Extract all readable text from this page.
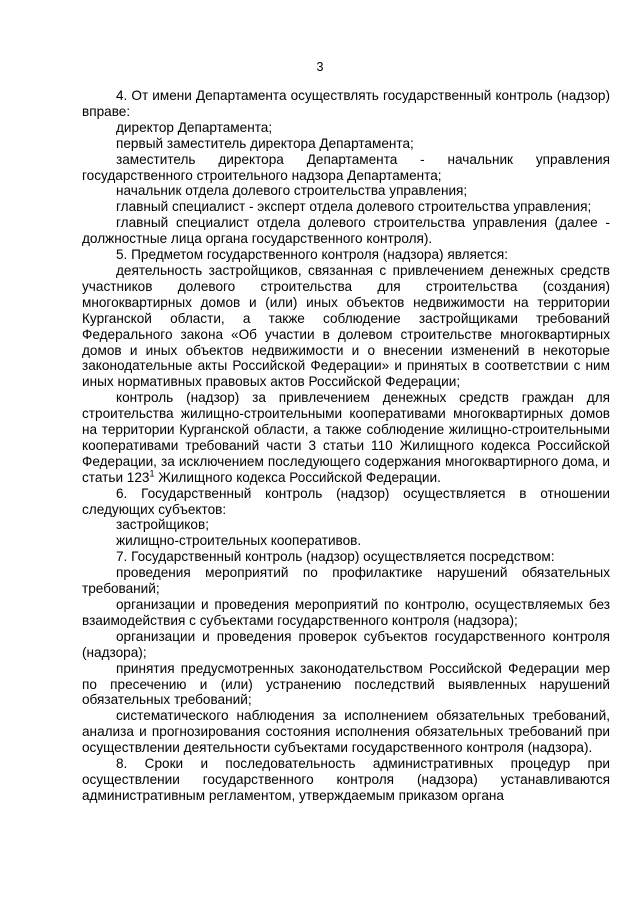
3

4. От имени Департамента осуществлять государственный контроль (надзор) вправе:

директор Департамента;

первый заместитель директора Департамента;

заместитель директора Департамента - начальник управления государственного строительного надзора Департамента;

начальник отдела долевого строительства управления;

главный специалист - эксперт отдела долевого строительства управления;

главный специалист отдела долевого строительства управления (далее - должностные лица органа государственного контроля).

5. Предметом государственного контроля (надзора) является:

деятельность застройщиков, связанная с привлечением денежных средств участников долевого строительства для строительства (создания) многоквартирных домов и (или) иных объектов недвижимости на территории Курганской области, а также соблюдение застройщиками требований Федерального закона «Об участии в долевом строительстве многоквартирных домов и иных объектов недвижимости и о внесении изменений в некоторые законодательные акты Российской Федерации» и принятых в соответствии с ним иных нормативных правовых актов Российской Федерации;

контроль (надзор) за привлечением денежных средств граждан для строительства жилищно-строительными кооперативами многоквартирных домов на территории Курганской области, а также соблюдение жилищно-строительными кооперативами требований части 3 статьи 110 Жилищного кодекса Российской Федерации, за исключением последующего содержания многоквартирного дома, и статьи $123^1$ Жилищного кодекса Российской Федерации.

6. Государственный контроль (надзор) осуществляется в отношении следующих субъектов:

застройщиков;

жилищно-строительных кооперативов.

7. Государственный контроль (надзор) осуществляется посредством:

проведения мероприятий по профилактике нарушений обязательных требований;

организации и проведения мероприятий по контролю, осуществляемых без взаимодействия с субъектами государственного контроля (надзора);

организации и проведения проверок субъектов государственного контроля (надзора);

принятия предусмотренных законодательством Российской Федерации мер по пресечению и (или) устранению последствий выявленных нарушений обязательных требований;

систематического наблюдения за исполнением обязательных требований, анализа и прогнозирования состояния исполнения обязательных требований при осуществлении деятельности субъектами государственного контроля (надзора).

8. Сроки и последовательность административных процедур при осуществлении государственного контроля (надзора) устанавливаются административным регламентом, утверждаемым приказом органа
